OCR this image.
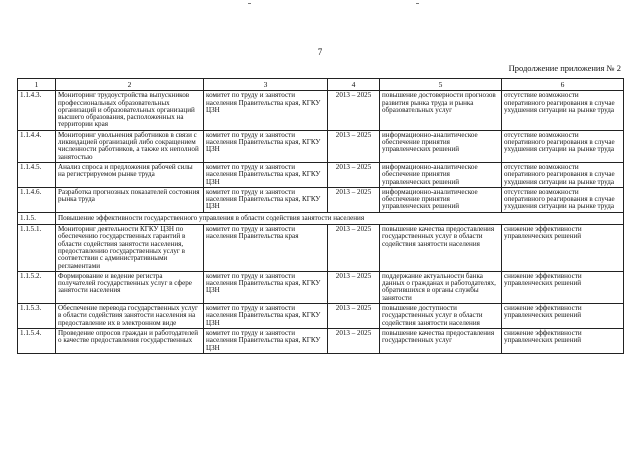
7
Продолжение приложения № 2
1	2	3	4	5	6
1.1.4.3.	Мониторинг трудоустройства выпускников профессиональных образовательных организаций и образовательных организаций высшего образования, расположенных на территории края	комитет по труду и занятости населения Правительства края, КГКУ ЦЗН	2013 – 2025	повышение достоверности прогнозов развития рынка труда и рынка образовательных услуг	отсутствие возможности оперативного реагирования в случае ухудшения ситуации на рынке труда
1.1.4.4.	Мониторинг увольнения работников в связи с ликвидацией организаций либо сокращением численности работников, а также их неполной занятостью	комитет по труду и занятости населения Правительства края, КГКУ ЦЗН	2013 – 2025	информационно-аналитическое обеспечение принятия управленческих решений	отсутствие возможности оперативного реагирования в случае ухудшения ситуации на рынке труда
1.1.4.5.	Анализ спроса и предложения рабочей силы на регистрируемом рынке труда	комитет по труду и занятости населения Правительства края, КГКУ ЦЗН	2013 – 2025	информационно-аналитическое обеспечение принятия управленческих решений	отсутствие возможности оперативного реагирования в случае ухудшения ситуации на рынке труда
1.1.4.6.	Разработка прогнозных показателей состояния рынка труда	комитет по труду и занятости населения Правительства края, КГКУ ЦЗН	2013 – 2025	информационно-аналитическое обеспечение принятия управленческих решений	отсутствие возможности оперативного реагирования в случае ухудшения ситуации на рынке труда
1.1.5.	Повышение эффективности государственного управления в области содействия занятости населения				
1.1.5.1.	Мониторинг деятельности КГКУ ЦЗН по обеспечению государственных гарантий в области содействия занятости населения, предоставлению государственных услуг в соответствии с административными регламентами	комитет по труду и занятости населения Правительства края	2013 – 2025	повышение качества предоставления государственных услуг в области содействия занятости населения	снижение эффективности управленческих решений
1.1.5.2.	Формирование и ведение регистра получателей государственных услуг в сфере занятости населения	комитет по труду и занятости населения Правительства края, КГКУ ЦЗН	2013 – 2025	поддержание актуальности банка данных о гражданах и работодателях, обратившихся в органы службы занятости	снижение эффективности управленческих решений
1.1.5.3.	Обеспечение перевода государственных услуг в области содействия занятости населения на предоставление их в электронном виде	комитет по труду и занятости населения Правительства края, КГКУ ЦЗН	2013 – 2025	повышение доступности государственных услуг в области содействия занятости населения	снижение эффективности управленческих решений
1.1.5.4.	Проведение опросов граждан и работодателей о качестве предоставления государственных	комитет по труду и занятости населения Правительства края, КГКУ ЦЗН	2013 – 2025	повышение качества предоставления государственных услуг	снижение эффективности управленческих решений
